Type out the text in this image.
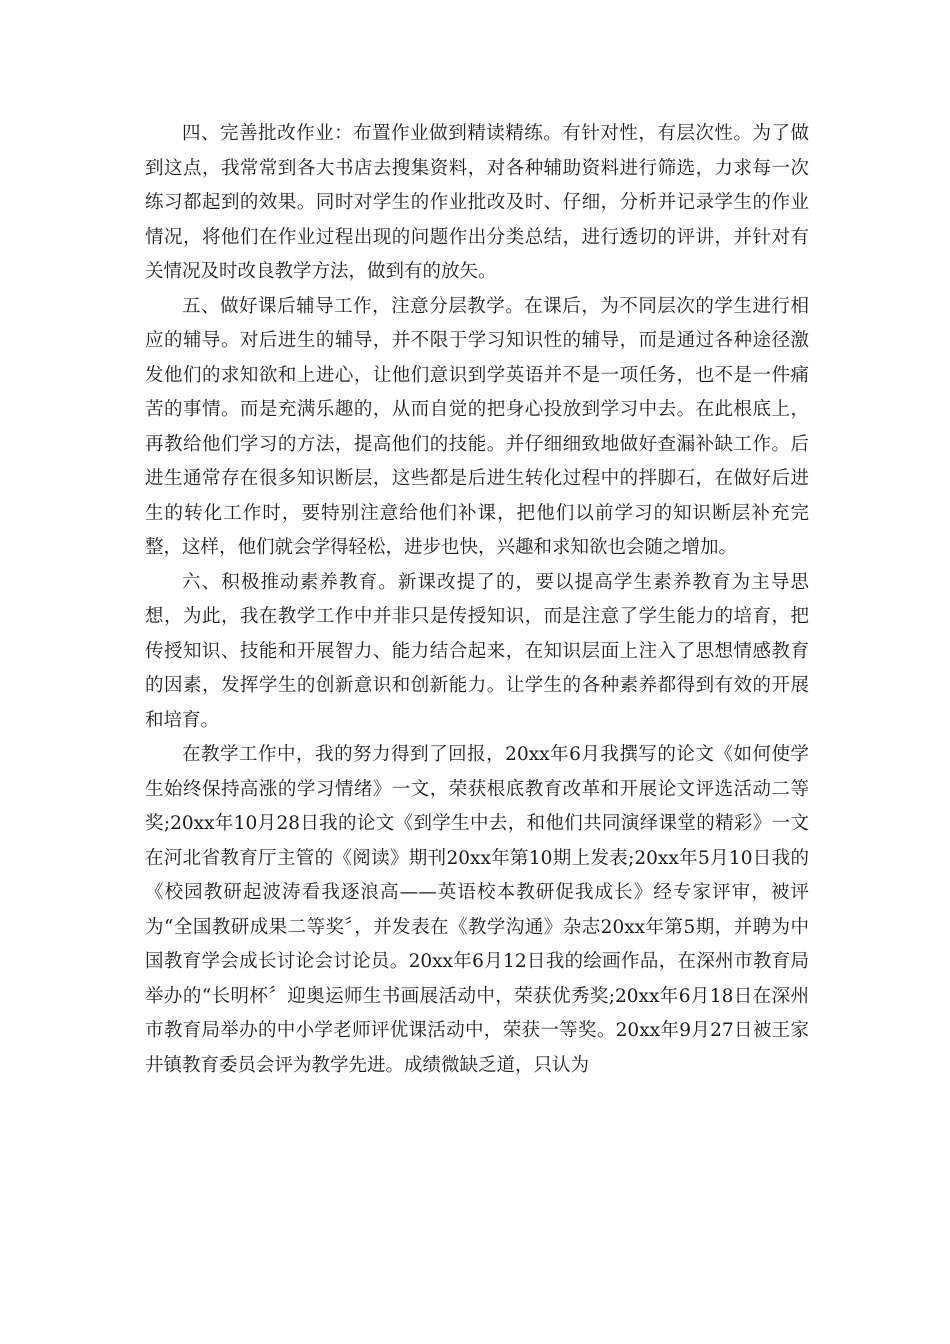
四、完善批改作业：布置作业做到精读精练。有针对性，有层次性。为了做到这点，我常常到各大书店去搜集资料，对各种辅助资料进行筛选，力求每一次练习都起到的效果。同时对学生的作业批改及时、仔细，分析并记录学生的作业情况，将他们在作业过程出现的问题作出分类总结，进行透切的评讲，并针对有关情况及时改良教学方法，做到有的放矢。

五、做好课后辅导工作，注意分层教学。在课后，为不同层次的学生进行相应的辅导。对后进生的辅导，并不限于学习知识性的辅导，而是通过各种途径激发他们的求知欲和上进心，让他们意识到学英语并不是一项任务，也不是一件痛苦的事情。而是充满乐趣的，从而自觉的把身心投放到学习中去。在此根底上，再教给他们学习的方法，提高他们的技能。并仔细细致地做好查漏补缺工作。后进生通常存在很多知识断层，这些都是后进生转化过程中的拌脚石，在做好后进生的转化工作时，要特别注意给他们补课，把他们以前学习的知识断层补充完整，这样，他们就会学得轻松，进步也快，兴趣和求知欲也会随之增加。

六、积极推动素养教育。新课改提了的，要以提高学生素养教育为主导思想，为此，我在教学工作中并非只是传授知识，而是注意了学生能力的培育，把传授知识、技能和开展智力、能力结合起来，在知识层面上注入了思想情感教育的因素，发挥学生的创新意识和创新能力。让学生的各种素养都得到有效的开展和培育。

在教学工作中，我的努力得到了回报，20xx年6月我撰写的论文《如何使学生始终保持高涨的学习情绪》一文，荣获根底教育改革和开展论文评选活动二等奖;20xx年10月28日我的论文《到学生中去，和他们共同演绎课堂的精彩》一文在河北省教育厅主管的《阅读》期刊20xx年第10期上发表;20xx年5月10日我的《校园教研起波涛看我逐浪高——英语校本教研促我成长》经专家评审，被评为“全国教研成果二等奖〞，并发表在《教学沟通》杂志20xx年第5期，并聘为中国教育学会成长讨论会讨论员。20xx年6月12日我的绘画作品，在深州市教育局举办的“长明杯〞迎奥运师生书画展活动中，荣获优秀奖;20xx年6月18日在深州市教育局举办的中小学老师评优课活动中，荣获一等奖。20xx年9月27日被王家井镇教育委员会评为教学先进。成绩微缺乏道，只认为
